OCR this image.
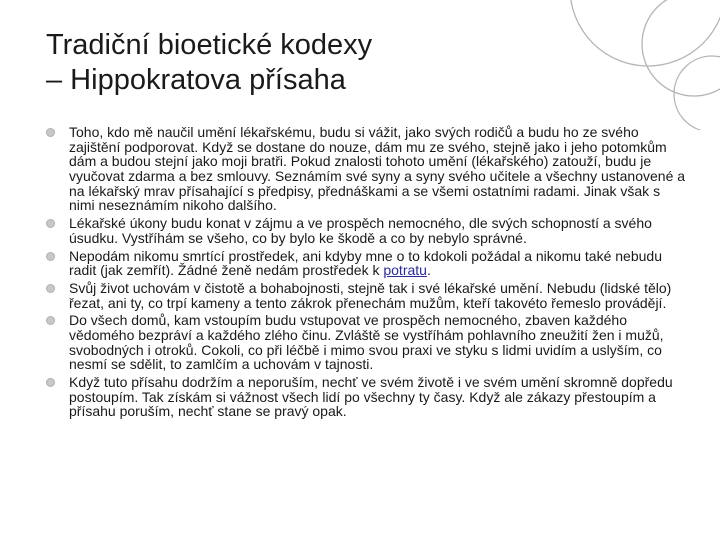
Tradiční bioetické kodexy
– Hippokratova přísaha
Toho, kdo mě naučil umění lékařskému, budu si vážit, jako svých rodičů a budu ho ze svého zajištění podporovat. Když se dostane do nouze, dám mu ze svého, stejně jako i jeho potomkům dám a budou stejní jako moji bratři. Pokud znalosti tohoto umění (lékařského) zatouží, budu je vyučovat zdarma a bez smlouvy. Seznámím své syny a syny svého učitele a všechny ustanovené a na lékařský mrav přísahající s předpisy, přednáškami a se všemi ostatními radami. Jinak však s nimi neseznámím nikoho dalšího.
Lékařské úkony budu konat v zájmu a ve prospěch nemocného, dle svých schopností a svého úsudku. Vystříhám se všeho, co by bylo ke škodě a co by nebylo správné.
Nepodám nikomu smrtící prostředek, ani kdyby mne o to kdokoli požádal a nikomu také nebudu radit (jak zemřít). Žádné ženě nedám prostředek k potratu.
Svůj život uchovám v čistotě a bohabojnosti, stejně tak i své lékařské umění. Nebudu (lidské tělo) řezat, ani ty, co trpí kameny a tento zákrok přenechám mužům, kteří takovéto řemeslo provádějí.
Do všech domů, kam vstoupím budu vstupovat ve prospěch nemocného, zbaven každého vědomého bezpráví a každého zlého činu. Zvláště se vystříhám pohlavního zneužití žen i mužů, svobodných i otroků. Cokoli, co při léčbě i mimo svou praxi ve styku s lidmi uvidím a uslyším, co nesmí se sdělit, to zamlčím a uchovám v tajnosti.
Když tuto přísahu dodržím a neporuším, nechť ve svém životě i ve svém umění skromně dopředu postoupím. Tak získám si vážnost všech lidí po všechny ty časy. Když ale zákazy přestoupím a přísahu poruším, nechť stane se pravý opak.
